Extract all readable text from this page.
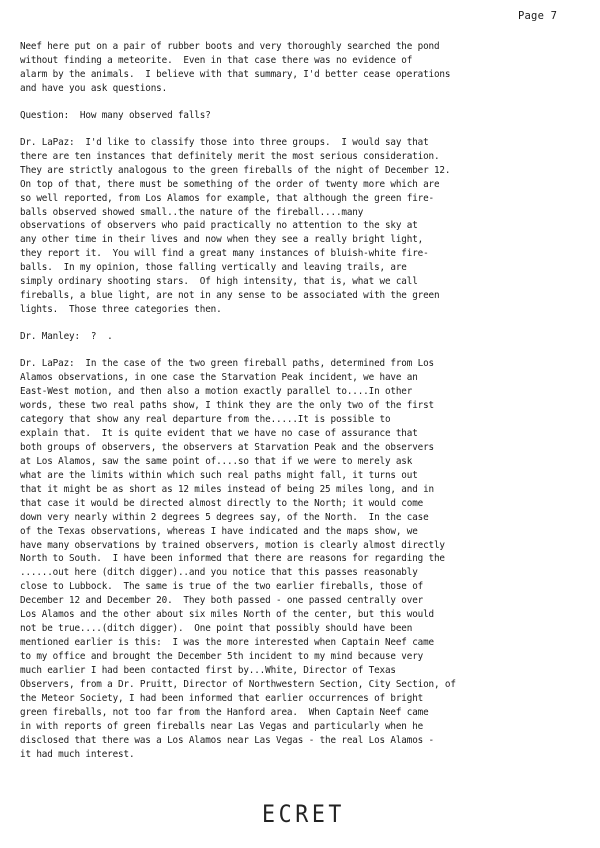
Page 7
Neef here put on a pair of rubber boots and very thoroughly searched the pond
without finding a meteorite.  Even in that case there was no evidence of
alarm by the animals.  I believe with that summary, I'd better cease operations
and have you ask questions.
Question:  How many observed falls?
Dr. LaPaz:  I'd like to classify those into three groups.  I would say that
there are ten instances that definitely merit the most serious consideration.
They are strictly analogous to the green fireballs of the night of December 12.
On top of that, there must be something of the order of twenty more which are
so well reported, from Los Alamos for example, that although the green fire-
balls observed showed small..the nature of the fireball....many
observations of observers who paid practically no attention to the sky at
any other time in their lives and now when they see a really bright light,
they report it.  You will find a great many instances of bluish-white fire-
balls.  In my opinion, those falling vertically and leaving trails, are
simply ordinary shooting stars.  Of high intensity, that is, what we call
fireballs, a blue light, are not in any sense to be associated with the green
lights.  Those three categories then.
Dr. Manley:  ?  .
Dr. LaPaz:  In the case of the two green fireball paths, determined from Los
Alamos observations, in one case the Starvation Peak incident, we have an
East-West motion, and then also a motion exactly parallel to....In other
words, these two real paths show, I think they are the only two of the first
category that show any real departure from the.....It is possible to
explain that.  It is quite evident that we have no case of assurance that
both groups of observers, the observers at Starvation Peak and the observers
at Los Alamos, saw the same point of....so that if we were to merely ask
what are the limits within which such real paths might fall, it turns out
that it might be as short as 12 miles instead of being 25 miles long, and in
that case it would be directed almost directly to the North; it would come
down very nearly within 2 degrees 5 degrees say, of the North.  In the case
of the Texas observations, whereas I have indicated and the maps show, we
have many observations by trained observers, motion is clearly almost directly
North to South.  I have been informed that there are reasons for regarding the
......out here (ditch digger)..and you notice that this passes reasonably
close to Lubbock.  The same is true of the two earlier fireballs, those of
December 12 and December 20.  They both passed - one passed centrally over
Los Alamos and the other about six miles North of the center, but this would
not be true....(ditch digger).  One point that possibly should have been
mentioned earlier is this:  I was the more interested when Captain Neef came
to my office and brought the December 5th incident to my mind because very
much earlier I had been contacted first by...White, Director of Texas
Observers, from a Dr. Pruitt, Director of Northwestern Section, City Section, of
the Meteor Society, I had been informed that earlier occurrences of bright
green fireballs, not too far from the Hanford area.  When Captain Neef came
in with reports of green fireballs near Las Vegas and particularly when he
disclosed that there was a Los Alamos near Las Vegas - the real Los Alamos -
it had much interest.
ECRET
